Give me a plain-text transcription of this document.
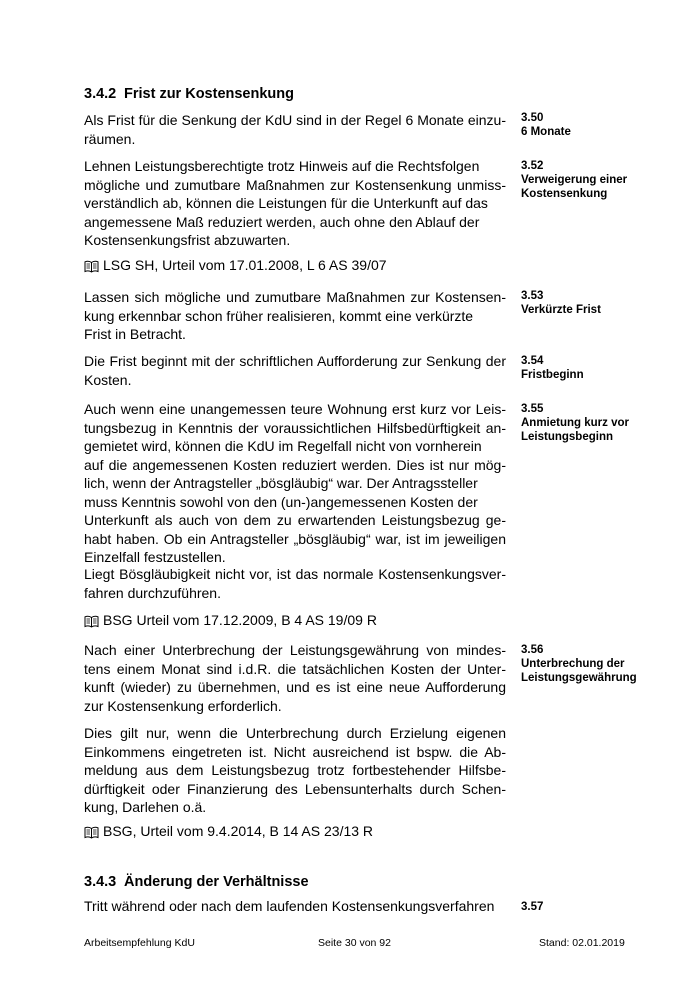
3.4.2 Frist zur Kostensenkung

Als Frist für die Senkung der KdU sind in der Regel 6 Monate einzu-
räumen.

3.50
6 Monate

Lehnen Leistungsberechtigte trotz Hinweis auf die Rechtsfolgen
mögliche und zumutbare Maßnahmen zur Kostensenkung unmiss-
verständlich ab, können die Leistungen für die Unterkunft auf das
angemessene Maß reduziert werden, auch ohne den Ablauf der
Kostensenkungsfrist abzuwarten.

3.52
Verweigerung einer
Kostensenkung
LSG SH, Urteil vom 17.01.2008, L 6 AS 39/07

Lassen sich mögliche und zumutbare Maßnahmen zur Kostensen-
kung erkennbar schon früher realisieren, kommt eine verkürzte
Frist in Betracht.

3.53
Verkürzte Frist

Die Frist beginnt mit der schriftlichen Aufforderung zur Senkung der
Kosten.

3.54
Fristbeginn

Auch wenn eine unangemessen teure Wohnung erst kurz vor Leis-
tungsbezug in Kenntnis der voraussichtlichen Hilfsbedürftigkeit an-
gemietet wird, können die KdU im Regelfall nicht von vornherein
auf die angemessenen Kosten reduziert werden. Dies ist nur mög-
lich, wenn der Antragsteller „bösgläubig“ war. Der Antragssteller
muss Kenntnis sowohl von den (un-)angemessenen Kosten der
Unterkunft als auch von dem zu erwartenden Leistungsbezug ge-
habt haben. Ob ein Antragsteller „bösgläubig“ war, ist im jeweiligen
Einzelfall festzustellen.

3.55
Anmietung kurz vor
Leistungsbeginn

Liegt Bösgläubigkeit nicht vor, ist das normale Kostensenkungsver-
fahren durchzuführen.

BSG Urteil vom 17.12.2009, B 4 AS 19/09 R

Nach einer Unterbrechung der Leistungsgewährung von mindes-
tens einem Monat sind i.d.R. die tatsächlichen Kosten der Unter-
kunft (wieder) zu übernehmen, und es ist eine neue Aufforderung
zur Kostensenkung erforderlich.

3.56
Unterbrechung der
Leistungsgewährung

Dies gilt nur, wenn die Unterbrechung durch Erzielung eigenen
Einkommens eingetreten ist. Nicht ausreichend ist bspw. die Ab-
meldung aus dem Leistungsbezug trotz fortbestehender Hilfsbe-
dürftigkeit oder Finanzierung des Lebensunterhalts durch Schen-
kung, Darlehen o.ä.

BSG, Urteil vom 9.4.2014, B 14 AS 23/13 R
3.4.3 Änderung der Verhältnisse

Tritt während oder nach dem laufenden Kostensenkungsverfahren	3.57
Arbeitsempfehlung KdU	Seite 30 von 92	Stand: 02.01.2019
